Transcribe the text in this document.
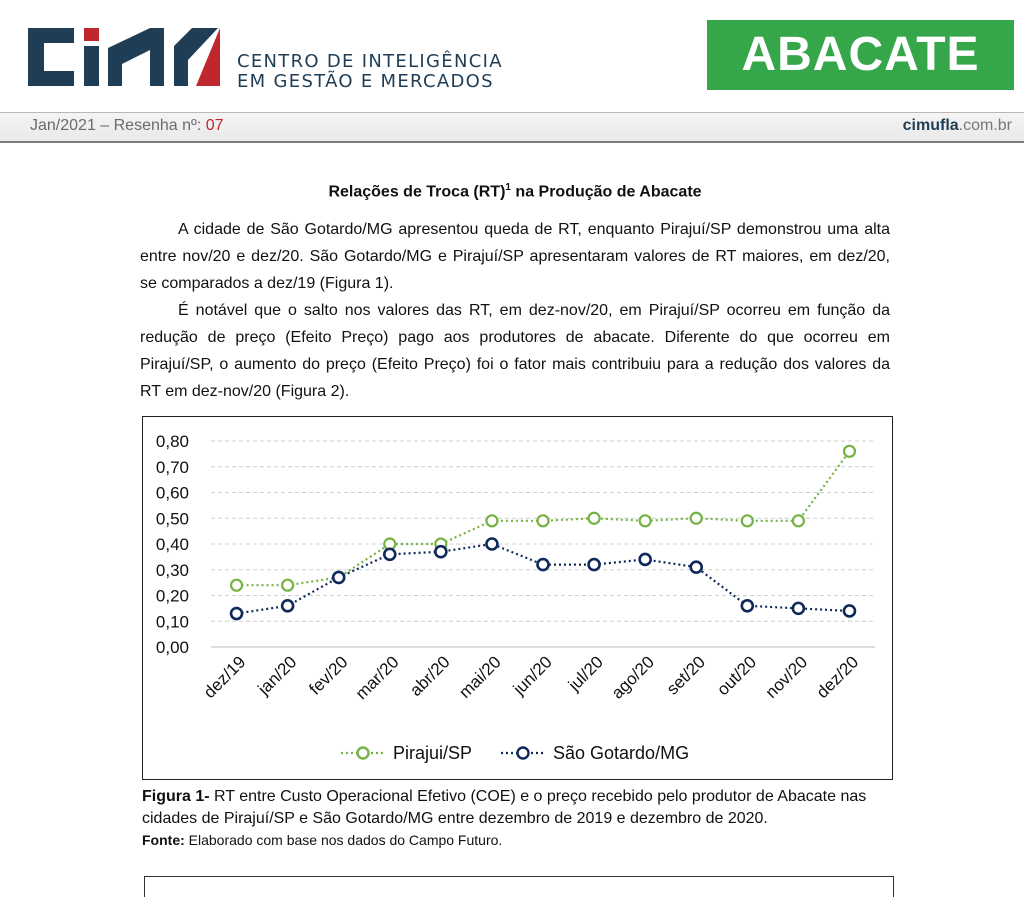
CENTRO DE INTELIGÊNCIA
EM GESTÃO E MERCADOS
ABACATE
Jan/2021 – Resenha nº: 07	cimufla.com.br
Relações de Troca (RT)$^1$ na Produção de Abacate

A cidade de São Gotardo/MG apresentou queda de RT, enquanto Pirajuí/SP demonstrou uma alta entre nov/20 e dez/20. São Gotardo/MG e Pirajuí/SP apresentaram valores de RT maiores, em dez/20, se comparados a dez/19 (Figura 1).

É notável que o salto nos valores das RT, em dez-nov/20, em Pirajuí/SP ocorreu em função da redução de preço (Efeito Preço) pago aos produtores de abacate. Diferente do que ocorreu em Pirajuí/SP, o aumento do preço (Efeito Preço) foi o fator mais contribuiu para a redução dos valores da RT em dez-nov/20 (Figura 2).

0,80
0,70
0,60
0,50
0,40
0,30
0,20
0,10
0,00
dez/19 jan/20 fev/20 mar/20 abr/20 mai/20 jun/20 jul/20 ago/20 set/20 out/20 nov/20 dez/20
Pirajui/SP	São Gotardo/MG
Figura 1- RT entre Custo Operacional Efetivo (COE) e o preço recebido pelo produtor de Abacate nas cidades de Pirajuí/SP e São Gotardo/MG entre dezembro de 2019 e dezembro de 2020.
Fonte: Elaborado com base nos dados do Campo Futuro.
